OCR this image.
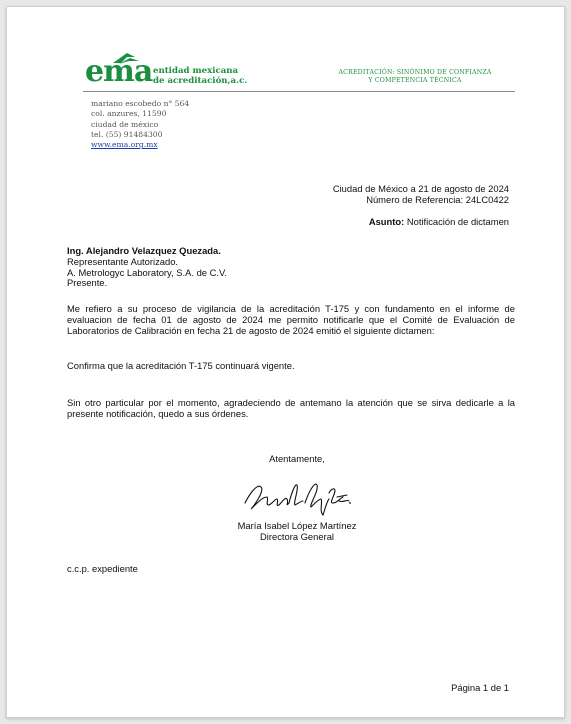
ema entidad mexicana
de acreditación,a.c.
ACREDITACIÓN: SINÓNIMO DE CONFIANZA
Y COMPETENCIA TÉCNICA
mariano escobedo n° 564
col. anzures, 11590
ciudad de méxico
tel. (55) 91484300
www.ema.org.mx
Ciudad de México a 21 de agosto de 2024
Número de Referencia: 24LC0422
Asunto: Notificación de dictamen
Ing. Alejandro Velazquez Quezada.
Representante Autorizado.
A. Metrologyc Laboratory, S.A. de C.V.
Presente.
Me refiero a su proceso de vigilancia de la acreditación T-175 y con fundamento en el informe de evaluacion de fecha 01 de agosto de 2024 me permito notificarle que el Comité de Evaluación de Laboratorios de Calibración en fecha 21 de agosto de 2024 emitió el siguiente dictamen:
Confirma que la acreditación T-175 continuará vigente.
Sin otro particular por el momento, agradeciendo de antemano la atención que se sirva dedicarle a la presente notificación, quedo a sus órdenes.
Atentamente,
María Isabel López Martínez
Directora General
c.c.p. expediente
Página 1 de 1
